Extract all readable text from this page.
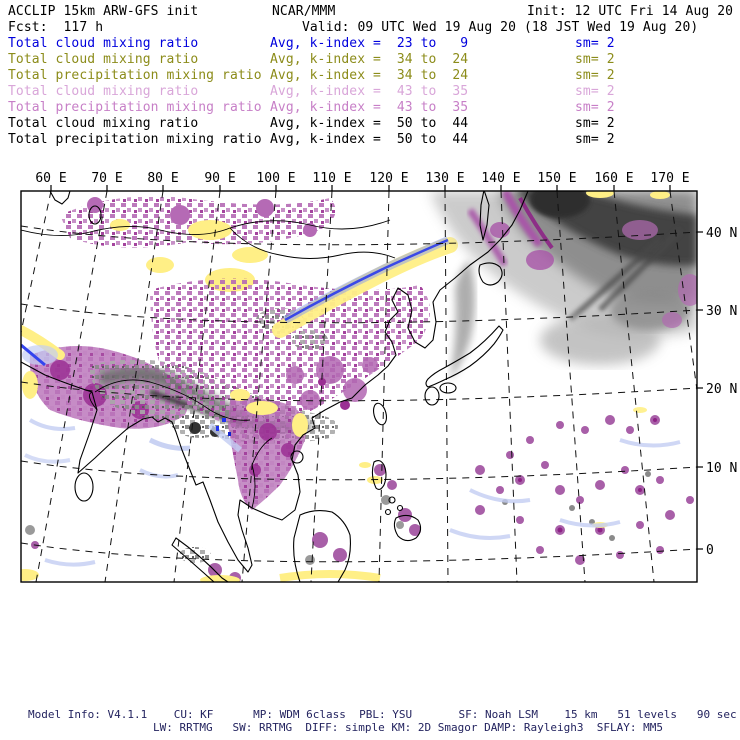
ACCLIP 15km ARW-GFS init	NCAR/MMM	Init: 12 UTC Fri 14 Aug 20
Fcst:  117 h	Valid: 09 UTC Wed 19 Aug 20 (18 JST Wed 19 Aug 20)
Total cloud mixing ratio	Avg, k-index =  23 to   9	sm= 2
Total cloud mixing ratio	Avg, k-index =  34 to  24	sm= 2
Total precipitation mixing ratio Avg, k-index =  34 to  24	sm= 2
Total cloud mixing ratio	Avg, k-index =  43 to  35	sm= 2
Total precipitation mixing ratio Avg, k-index =  43 to  35	sm= 2
Total cloud mixing ratio	Avg, k-index =  50 to  44	sm= 2
Total precipitation mixing ratio Avg, k-index =  50 to  44	sm= 2
60 E 70 E 80 E 90 E 100 E 110 E 120 E 130 E 140 E 150 E 160 E 170 E
40 N
30 N
20 N
10 N
0
Model Info: V4.1.1    CU: KF      MP: WDM 6class  PBL: YSU       SF: Noah LSM    15 km   51 levels   90 sec
LW: RRTMG   SW: RRTMG  DIFF: simple KM: 2D Smagor DAMP: Rayleigh3  SFLAY: MM5
